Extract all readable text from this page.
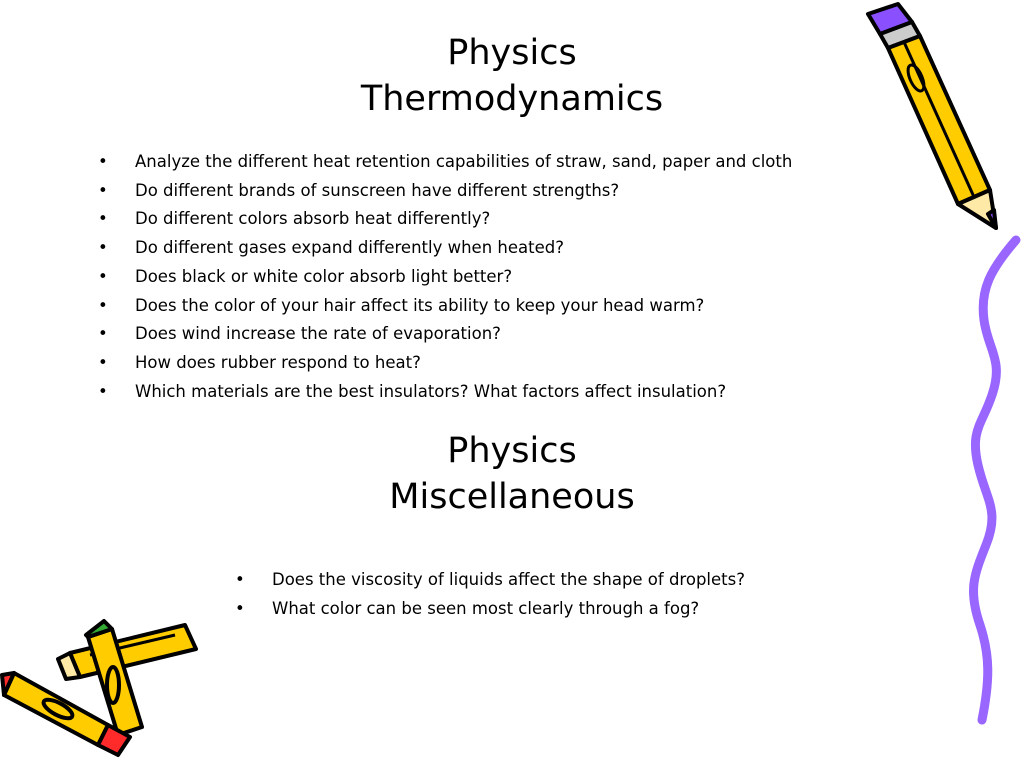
Physics
Thermodynamics
• Analyze the different heat retention capabilities of straw, sand, paper and cloth
• Do different brands of sunscreen have different strengths?
• Do different colors absorb heat differently?
• Do different gases expand differently when heated?
• Does black or white color absorb light better?
• Does the color of your hair affect its ability to keep your head warm?
• Does wind increase the rate of evaporation?
• How does rubber respond to heat?
• Which materials are the best insulators? What factors affect insulation?
Physics
Miscellaneous
• Does the viscosity of liquids affect the shape of droplets?
• What color can be seen most clearly through a fog?
